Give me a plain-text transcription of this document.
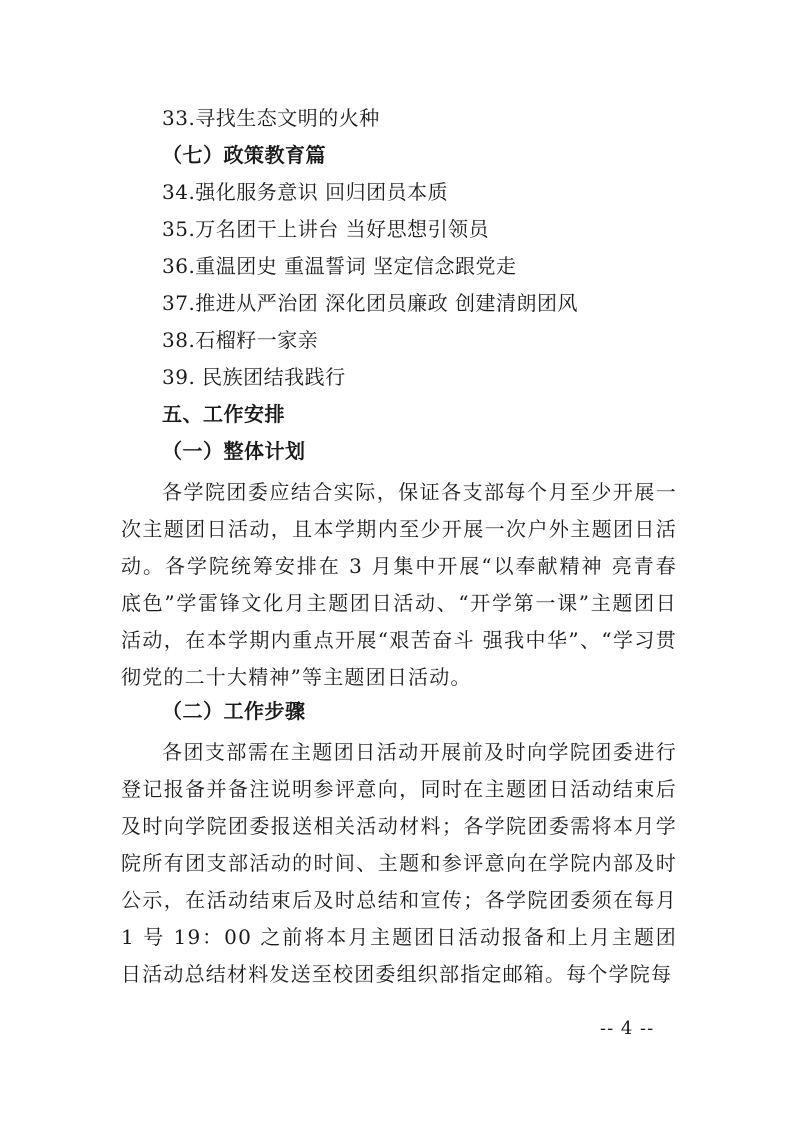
33.寻找生态文明的火种
（七）政策教育篇
34.强化服务意识 回归团员本质
35.万名团干上讲台 当好思想引领员
36.重温团史 重温誓词 坚定信念跟党走
37.推进从严治团 深化团员廉政 创建清朗团风
38.石榴籽一家亲
39. 民族团结我践行
五、工作安排
（一）整体计划
各学院团委应结合实际，保证各支部每个月至少开展一次主题团日活动，且本学期内至少开展一次户外主题团日活动。各学院统筹安排在 3 月集中开展“以奉献精神 亮青春底色”学雷锋文化月主题团日活动、“开学第一课”主题团日活动，在本学期内重点开展“艰苦奋斗 强我中华”、“学习贯彻党的二十大精神”等主题团日活动。
（二）工作步骤
各团支部需在主题团日活动开展前及时向学院团委进行登记报备并备注说明参评意向，同时在主题团日活动结束后及时向学院团委报送相关活动材料；各学院团委需将本月学院所有团支部活动的时间、主题和参评意向在学院内部及时公示，在活动结束后及时总结和宣传；各学院团委须在每月 1 号 19：00 之前将本月主题团日活动报备和上月主题团日活动总结材料发送至校团委组织部指定邮箱。每个学院每
-- 4 --
